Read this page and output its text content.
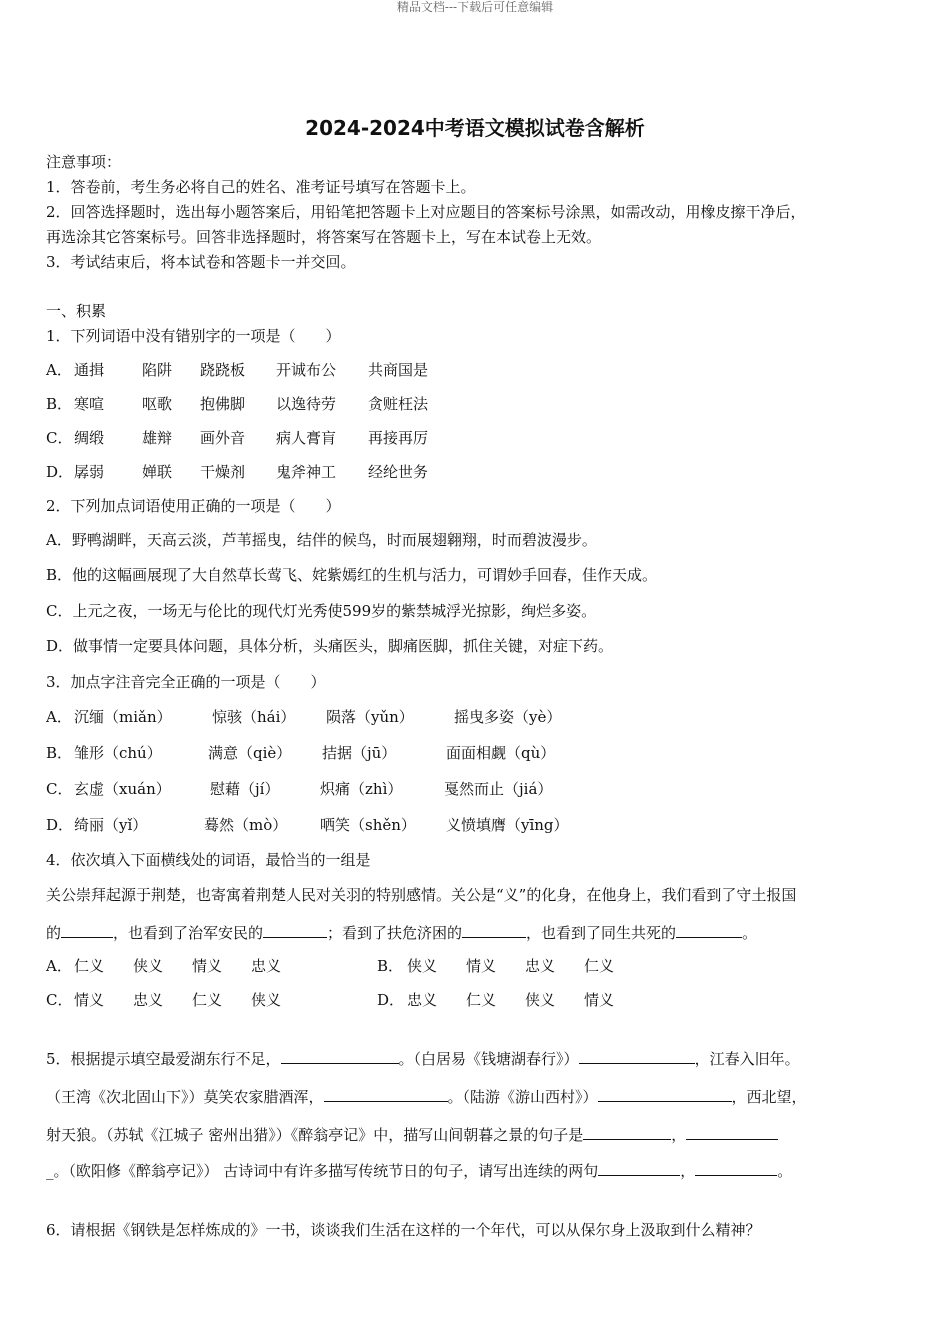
精品文档---下载后可任意编辑
2024-2024中考语文模拟试卷含解析
注意事项：
1．答卷前，考生务必将自己的姓名、准考证号填写在答题卡上。
2．回答选择题时，选出每小题答案后，用铅笔把答题卡上对应题目的答案标号涂黑，如需改动，用橡皮擦干净后，
再选涂其它答案标号。回答非选择题时，将答案写在答题卡上，写在本试卷上无效。
3．考试结束后，将本试卷和答题卡一并交回。
一、积累
1．下列词语中没有错别字的一项是（　　）
A． 通揖	陷阱 跷跷板 开诚布公 共商国是
B． 寒喧	呕歌 抱佛脚 以逸待劳 贪赃枉法
C． 绸缎	雄辩 画外音 病人膏肓 再接再厉
D．孱弱	婵联 干燥剂 鬼斧神工 经纶世务
2．下列加点词语使用正确的一项是（　　）
A．野鸭湖畔，天高云淡，芦苇摇曳，结伴的候鸟，时而展翅翱翔，时而碧波漫步。
B．他的这幅画展现了大自然草长莺飞、姹紫嫣红的生机与活力，可谓妙手回春，佳作天成。
C．上元之夜，一场无与伦比的现代灯光秀使599岁的紫禁城浮光掠影，绚烂多姿。
D．做事情一定要具体问题，具体分析，头痛医头，脚痛医脚，抓住关键，对症下药。
3．加点字注音完全正确的一项是（　　）
A． 沉缅（miǎn）	惊骇（hái） 陨落（yǔn）	摇曳多姿（yè）
B． 雏形（chú）	满意（qiè） 拮据（jū）	面面相觑（qù）
C． 玄虚（xuán）	慰藉（jí）	炽痛（zhì）	戛然而止（jiá）
D．绮丽（yǐ）	蓦然（mò） 哂笑（shěn） 义愤填膺（yīng）
4．依次填入下面横线处的词语，最恰当的一组是
关公崇拜起源于荆楚，也寄寓着荆楚人民对关羽的特别感情。关公是“义”的化身，在他身上，我们看到了守土报国
的	，也看到了治军安民的	；看到了扶危济困的	，也看到了同生共死的	。
A． 仁义 侠义 情义 忠义	B． 侠义 情义 忠义 仁义
C． 情义 忠义 仁义 侠义	D． 忠义 仁义 侠义 情义
5．根据提示填空最爱湖东行不足，	。（白居易《钱塘湖春行》）	，江春入旧年。
（王湾《次北固山下》）莫笑农家腊酒浑，	。（陆游《游山西村》）	，西北望，
射天狼。（苏轼《江城子 密州出猎》）《醉翁亭记》中，描写山间朝暮之景的句子是	，
_。（欧阳修《醉翁亭记》） 古诗词中有许多描写传统节日的句子，请写出连续的两句	，	。
6．请根据《钢铁是怎样炼成的》一书，谈谈我们生活在这样的一个年代，可以从保尔身上汲取到什么精神？
